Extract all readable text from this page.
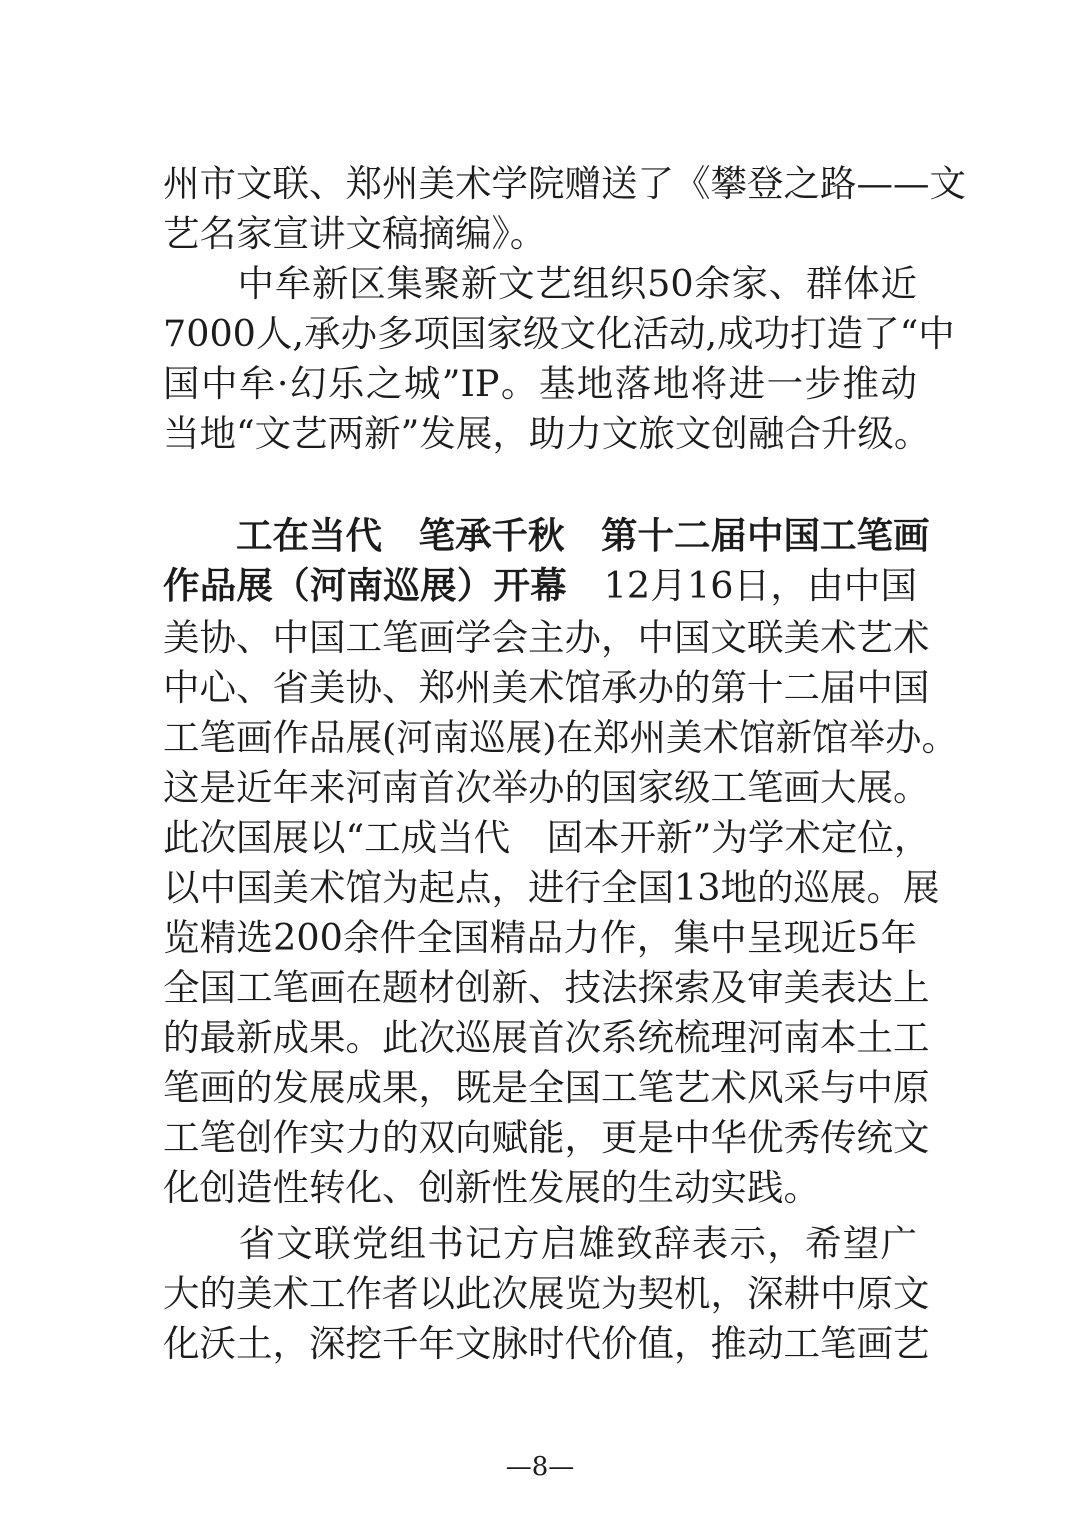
州市文联、郑州美术学院赠送了《攀登之路——文
艺名家宣讲文稿摘编》。
　　中牟新区集聚新文艺组织50余家、群体近
7000人,承办多项国家级文化活动,成功打造了“中
国中牟·幻乐之城”IP。基地落地将进一步推动
当地“文艺两新”发展，助力文旅文创融合升级。
　　工在当代　笔承千秋　第十二届中国工笔画
作品展（河南巡展）开幕　12月16日，由中国
美协、中国工笔画学会主办，中国文联美术艺术
中心、省美协、郑州美术馆承办的第十二届中国
工笔画作品展(河南巡展)在郑州美术馆新馆举办。
这是近年来河南首次举办的国家级工笔画大展。
此次国展以“工成当代　固本开新”为学术定位，
以中国美术馆为起点，进行全国13地的巡展。展
览精选200余件全国精品力作，集中呈现近5年
全国工笔画在题材创新、技法探索及审美表达上
的最新成果。此次巡展首次系统梳理河南本土工
笔画的发展成果，既是全国工笔艺术风采与中原
工笔创作实力的双向赋能，更是中华优秀传统文
化创造性转化、创新性发展的生动实践。
　　省文联党组书记方启雄致辞表示，希望广
大的美术工作者以此次展览为契机，深耕中原文
化沃土，深挖千年文脉时代价值，推动工笔画艺
—8—
